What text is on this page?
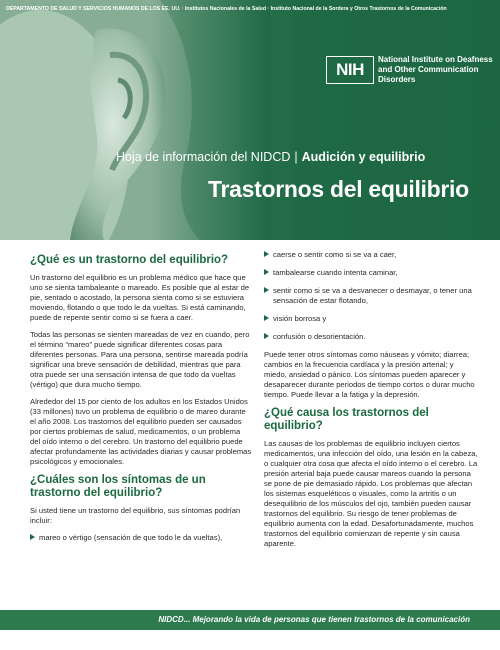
DEPARTAMENTO DE SALUD Y SERVICIOS HUMANOS DE LOS EE. UU. · Institutos Nacionales de la Salud · Instituto Nacional de la Sordera y Otros Trastornos de la Comunicación
NIH
National Institute on Deafness and Other Communication Disorders
Hoja de información del NIDCD | Audición y equilibrio
Trastornos del equilibrio
¿Qué es un trastorno del equilibrio?

Un trastorno del equilibrio es un problema médico que hace que uno se sienta tambaleante o mareado. Es posible que al estar de pie, sentado o acostado, la persona sienta como si se estuviera moviendo, flotando o que todo le da vueltas. Si está caminando, puede de repente sentir como si se fuera a caer.

Todas las personas se sienten mareadas de vez en cuando, pero el término “mareo” puede significar diferentes cosas para diferentes personas. Para una persona, sentirse mareada podría significar una breve sensación de debilidad, mientras que para otra puede ser una sensación intensa de que todo da vueltas (vértigo) que dura mucho tiempo.

Alrededor del 15 por ciento de los adultos en los Estados Unidos (33 millones) tuvo un problema de equilibrio o de mareo durante el año 2008. Los trastornos del equilibrio pueden ser causados por ciertos problemas de salud, medicamentos, o un problema del oído interno o del cerebro. Un trastorno del equilibrio puede afectar profundamente las actividades diarias y causar problemas psicológicos y emocionales.

¿Cuáles son los síntomas de un trastorno del equilibrio?

Si usted tiene un trastorno del equilibrio, sus síntomas podrían incluir:

mareo o vértigo (sensación de que todo le da vueltas),
caerse o sentir como si se va a caer,
tambalearse cuando intenta caminar,
sentir como si se va a desvanecer o desmayar, o tener una sensación de estar flotando,
visión borrosa y
confusión o desorientación.

Puede tener otros síntomas como náuseas y vómito; diarrea; cambios en la frecuencia cardíaca y la presión arterial; y miedo, ansiedad o pánico. Los síntomas pueden aparecer y desaparecer durante periodos de tiempo cortos o durar mucho tiempo. Puede llevar a la fatiga y la depresión.

¿Qué causa los trastornos del equilibrio?

Las causas de los problemas de equilibrio incluyen ciertos medicamentos, una infección del oído, una lesión en la cabeza, o cualquier otra cosa que afecta el oído interno o el cerebro. La presión arterial baja puede causar mareos cuando la persona se pone de pie demasiado rápido. Los problemas que afectan los sistemas esqueléticos o visuales, como la artritis o un desequilibrio de los músculos del ojo, también pueden causar trastornos del equilibrio. Su riesgo de tener problemas de equilibrio aumenta con la edad. Desafortunadamente, muchos trastornos del equilibrio comienzan de repente y sin causa aparente.

NIDCD... Mejorando la vida de personas que tienen trastornos de la comunicación
